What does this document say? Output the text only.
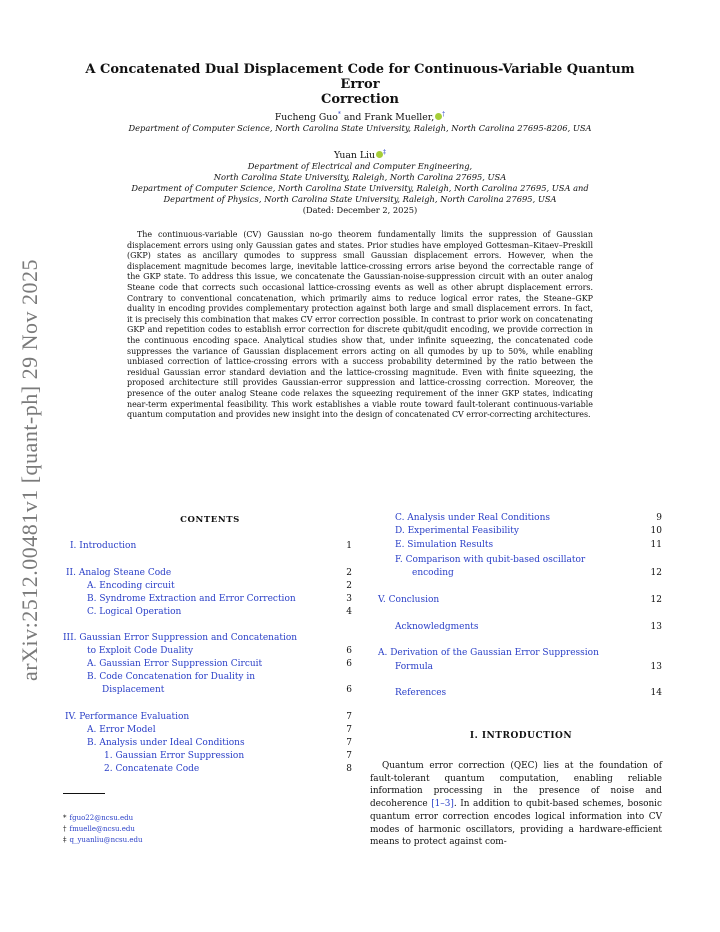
arXiv:2512.00481v1 [quant-ph] 29 Nov 2025
A Concatenated Dual Displacement Code for Continuous-Variable Quantum Error
Correction
Fucheng Guo* and Frank Mueller, †
Department of Computer Science, North Carolina State University, Raleigh, North Carolina 27695-8206, USA
Yuan Liu ‡
Department of Electrical and Computer Engineering,
North Carolina State University, Raleigh, North Carolina 27695, USA
Department of Computer Science, North Carolina State University, Raleigh, North Carolina 27695, USA and
Department of Physics, North Carolina State University, Raleigh, North Carolina 27695, USA
(Dated: December 2, 2025)
The continuous-variable (CV) Gaussian no-go theorem fundamentally limits the suppression of Gaussian displacement errors using only Gaussian gates and states. Prior studies have employed Gottesman–Kitaev–Preskill (GKP) states as ancillary qumodes to suppress small Gaussian displacement errors. However, when the displacement magnitude becomes large, inevitable lattice-crossing errors arise beyond the correctable range of the GKP state. To address this issue, we concatenate the Gaussian-noise-suppression circuit with an outer analog Steane code that corrects such occasional lattice-crossing events as well as other abrupt displacement errors. Contrary to conventional concatenation, which primarily aims to reduce logical error rates, the Steane–GKP duality in encoding provides complementary protection against both large and small displacement errors. In fact, it is precisely this combination that makes CV error correction possible. In contrast to prior work on concatenating GKP and repetition codes to establish error correction for discrete qubit/qudit encoding, we provide correction in the continuous encoding space. Analytical studies show that, under infinite squeezing, the concatenated code suppresses the variance of Gaussian displacement errors acting on all qumodes by up to 50%, while enabling unbiased correction of lattice-crossing errors with a success probability determined by the ratio between the residual Gaussian error standard deviation and the lattice-crossing magnitude. Even with finite squeezing, the proposed architecture still provides Gaussian-error suppression and lattice-crossing correction. Moreover, the presence of the outer analog Steane code relaxes the squeezing requirement of the inner GKP states, indicating near-term experimental feasibility. This work establishes a viable route toward fault-tolerant continuous-variable quantum computation and provides new insight into the design of concatenated CV error-correcting architectures.
CONTENTS
I. Introduction	1
II. Analog Steane Code	2
A. Encoding circuit	2
B. Syndrome Extraction and Error Correction	3
C. Logical Operation	4
III. Gaussian Error Suppression and Concatenation
to Exploit Code Duality	6
A. Gaussian Error Suppression Circuit	6
B. Code Concatenation for Duality in
Displacement	6
IV. Performance Evaluation	7
A. Error Model	7
B. Analysis under Ideal Conditions	7
1. Gaussian Error Suppression	7
2. Concatenate Code	8
C. Analysis under Real Conditions	9
D. Experimental Feasibility	10
E. Simulation Results	11
F. Comparison with qubit-based oscillator
encoding	12
V. Conclusion	12
Acknowledgments	13
A. Derivation of the Gaussian Error Suppression
Formula	13
References	14
I. INTRODUCTION
Quantum error correction (QEC) lies at the foundation of fault-tolerant quantum computation, enabling reliable information processing in the presence of noise and decoherence [1–3]. In addition to qubit-based schemes, bosonic quantum error correction encodes logical information into CV modes of harmonic oscillators, providing a hardware-efficient means to protect against com-
* fguo22@ncsu.edu
† fmuelle@ncsu.edu
‡ q_yuanliu@ncsu.edu
